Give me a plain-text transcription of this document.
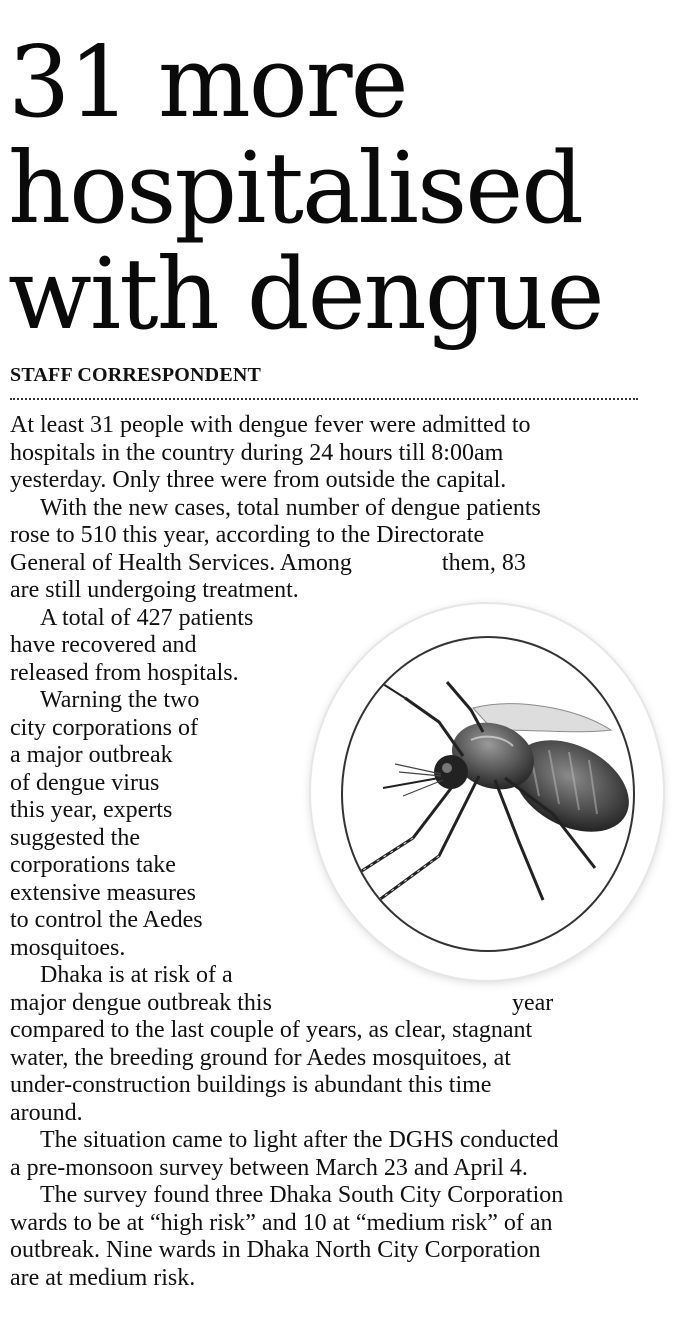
31 more
hospitalised
with dengue
STAFF CORRESPONDENT
At least 31 people with dengue fever were admitted to
hospitals in the country during 24 hours till 8:00am
yesterday. Only three were from outside the capital.
With the new cases, total number of dengue patients
rose to 510 this year, according to the Directorate
General of Health Services. Among	them, 83
are still undergoing treatment.
A total of 427 patients
have recovered and
released from hospitals.
Warning the two
city corporations of
a major outbreak
of dengue virus
this year, experts
suggested the
corporations take
extensive measures
to control the Aedes
mosquitoes.
Dhaka is at risk of a
major dengue outbreak this	year
compared to the last couple of years, as clear, stagnant
water, the breeding ground for Aedes mosquitoes, at
under-construction buildings is abundant this time
around.
The situation came to light after the DGHS conducted
a pre-monsoon survey between March 23 and April 4.
The survey found three Dhaka South City Corporation
wards to be at “high risk” and 10 at “medium risk” of an
outbreak. Nine wards in Dhaka North City Corporation
are at medium risk.
